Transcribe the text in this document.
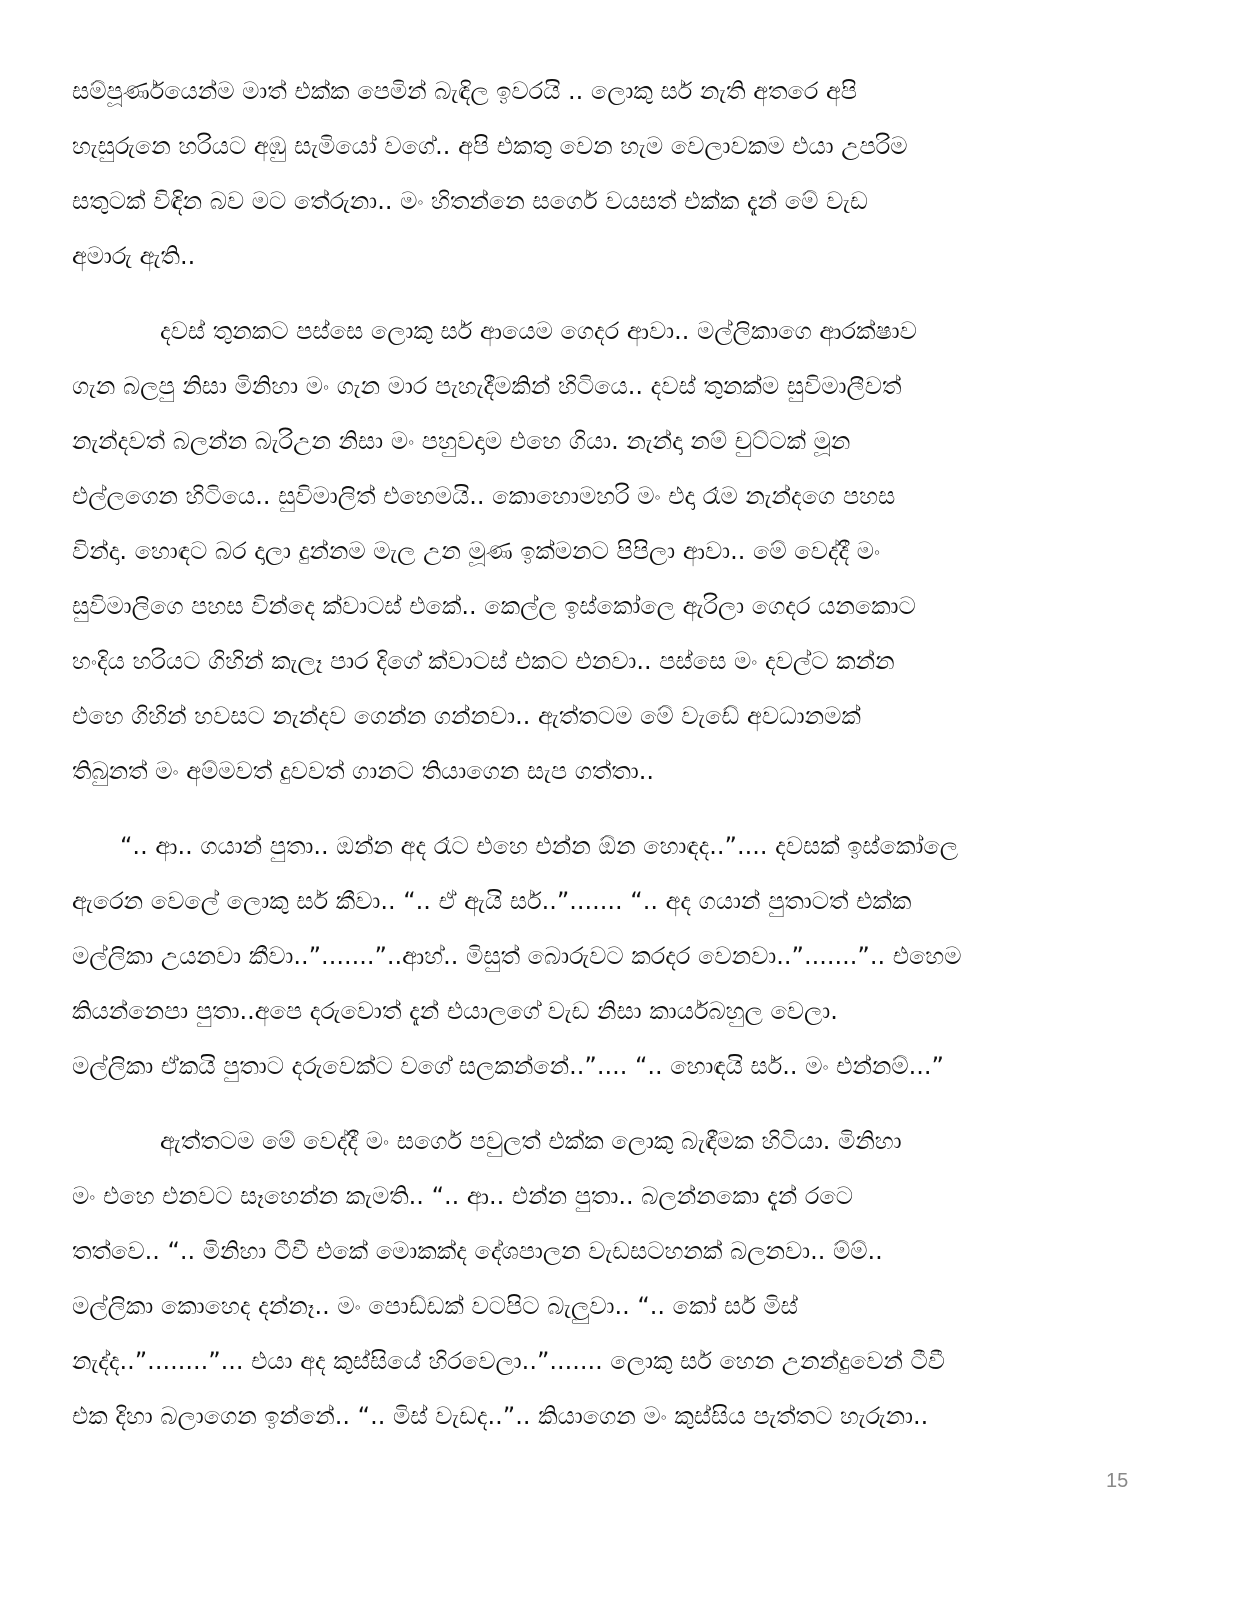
සම්පූර්ණයෙන්ම මාත් එක්ක පෙමින් බැඳිල ඉවරයි .. ලොකු සර් නැති අතරෙ අපි
හැසුරුනෙ හරියට අඹු සැමියෝ වගේ.. අපි එකතු වෙන හැම වෙලාවකම එයා උපරිම
සතුටක් විඳින බව මට තේරුනා.. මං හිතන්නෙ සර්ගෙ වයසත් එක්ක දැන් මේ වැඩ
අමාරු ඇති..

දවස් තුනකට පස්සෙ ලොකු සර් ආයෙම ගෙදර ආවා.. මල්ලිකාගෙ ආරක්ෂාව
ගැන බලපු නිසා මිනිහා මං ගැන මාර පැහැදීමකින් හිටියෙ.. දවස් තුනක්ම සුවිමාලීවත්
නැන්දවත් බලන්න බැරිඋන නිසා මං පහුවදාම එහෙ ගියා. නැන්දා නම් චුට්ටක් මූන
එල්ලගෙන හිටියෙ.. සුවිමාලිත් එහෙමයි.. කොහොමහරි මං එදා රෑම නැන්දගෙ පහස
වින්දා. හොඳට බර දාලා දුන්නම මැල උන මූණ ඉක්මනට පිපිලා ආවා.. මේ වෙද්දී මං
සුවිමාලිගෙ පහස වින්දෙ ක්වාටස් එකේ.. කෙල්ල ඉස්කෝලෙ ඇරිලා ගෙදර යනකොට
හංදිය හරියට ගිහින් කැලෑ පාර දිගේ ක්වාටස් එකට එනවා.. පස්සෙ මං දවල්ට කන්න
එහෙ ගිහින් හවසට නැන්දව ගෙන්න ගන්නවා.. ඇත්තටම මේ වැඩේ අවධානමක්
තිබුනත් මං අම්මවත් දුවවත් ගානට තියාගෙන සැප ගත්තා..

“.. ආ.. ගයාන් පුතා.. ඔන්න අද රෑට එහෙ එන්න ඕන හොඳද..”.... දවසක් ඉස්කෝලෙ
ඇරෙන වෙලේ ලොකු සර් කීවා.. “.. ඒ ඇයි සර්..”....... “.. අද ගයාන් පුතාටත් එක්ක
මල්ලිකා උයනවා කීවා..”.......”..ආහ්.. මිසුත් බොරුවට කරදර වෙනවා..”.......”.. එහෙම
කියන්නෙපා පුතා..අපෙ දරුවොත් දැන් එයාලගේ වැඩ නිසා කාර්යබහුල වෙලා.
මල්ලිකා ඒකයි පුතාට දරුවෙක්ට වගේ සලකන්නේ..”.... “.. හොඳයි සර්.. මං එන්නම්...”

ඇත්තටම මේ වෙද්දී මං සර්ගෙ පවුලත් එක්ක ලොකු බැඳීමක හිටියා. මිනිහා
මං එහෙ එනවට සෑහෙන්න කැමති.. “.. ආ.. එන්න පුතා.. බලන්නකො දැන් රටෙ
තත්වෙ.. “.. මිනිහා ටීවී එකේ මොකක්ද දේශපාලන වැඩසටහනක් බලනවා.. ම්ම්..
මල්ලිකා කොහෙද දන්නෑ.. මං පොඩ්ඩක් වටපිට බැලුවා.. “.. කෝ සර් මිස්
නැද්ද..”........”... එයා අද කුස්සියේ හිරවෙලා..”....... ලොකු සර් හෙන උනන්දුවෙන් ටීවී
එක දිහා බලාගෙන ඉන්නේ.. “.. මිස් වැඩද..”.. කියාගෙන මං කුස්සිය පැත්තට හැරුනා..

15
